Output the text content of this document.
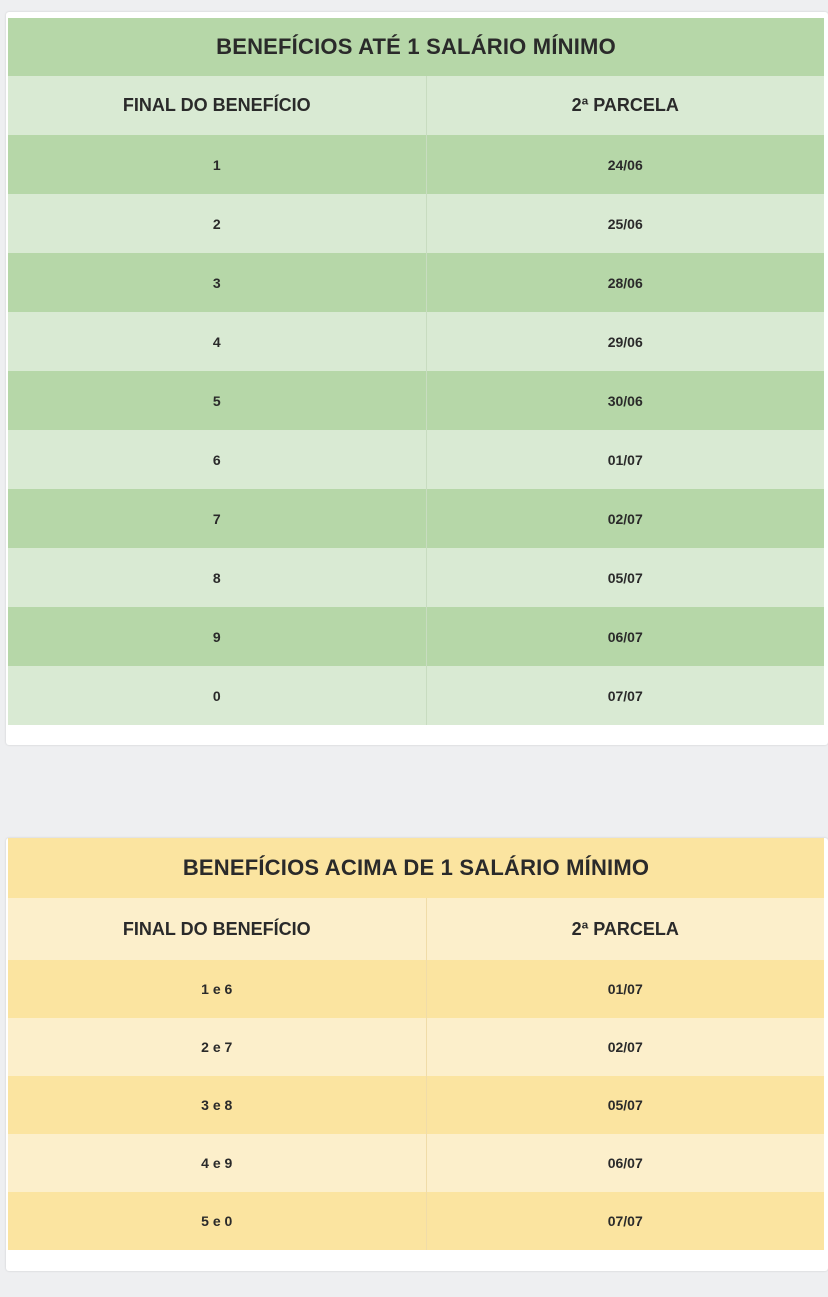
BENEFÍCIOS ATÉ 1 SALÁRIO MÍNIMO	
FINAL DO BENEFÍCIO	2ª PARCELA
1	24/06
2	25/06
3	28/06
4	29/06
5	30/06
6	01/07
7	02/07
8	05/07
9	06/07
0	07/07
BENEFÍCIOS ACIMA DE 1 SALÁRIO MÍNIMO	
FINAL DO BENEFÍCIO	2ª PARCELA
1 e 6	01/07
2 e 7	02/07
3 e 8	05/07
4 e 9	06/07
5 e 0	07/07
